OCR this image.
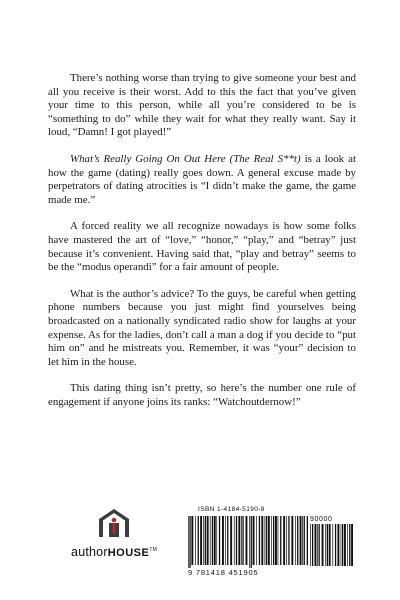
There’s nothing worse than trying to give someone your best and all you receive is their worst. Add to this the fact that you’ve given your time to this person, while all you’re considered to be is “something to do” while they wait for what they really want. Say it loud, “Damn! I got played!”

What’s Really Going On Out Here (The Real S**t) is a look at how the game (dating) really goes down. A general excuse made by perpetrators of dating atrocities is “I didn’t make the game, the game made me.”

A forced reality we all recognize nowadays is how some folks have mastered the art of “love,” “honor,” “play,” and “betray” just because it’s convenient. Having said that, “play and betray” seems to be the “modus operandi” for a fair amount of people.

What is the author’s advice? To the guys, be careful when getting phone numbers because you just might find yourselves being broadcasted on a nationally syndicated radio show for laughs at your expense. As for the ladies, don’t call a man a dog if you decide to “put him on” and he mistreats you. Remember, it was “your” decision to let him in the house.

This dating thing isn’t pretty, so here’s the number one rule of engagement if anyone joins its ranks: “Watchoutdernow!”

authorHOUSE™
ISBN 1-4184-5190-8
90000
9 781418 451905
